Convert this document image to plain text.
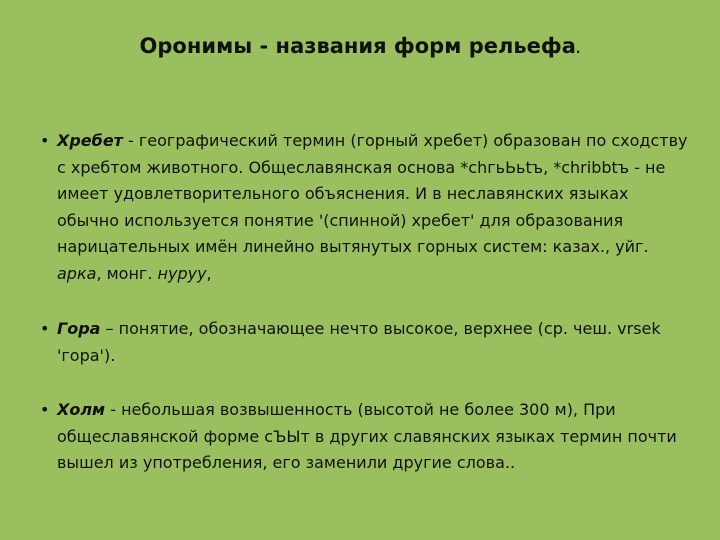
Оронимы - названия форм рельефа.
• Хребет - географический термин (горный хребет) образован по сходству с хребтом животного. Общеславянская основа *chгьЬьtъ, *chribbtъ - не имеет удовлетворительного объяснения. И в неславянских языках обычно используется понятие '(спинной) хребет' для образования нарицательных имён линейно вытянутых горных систем: казах., уйг. арка, монг. нуруу,
• Гора – понятие, обозначающее нечто высокое, верхнее (ср. чеш. vrsek 'гора').
• Холм - небольшая возвышенность (высотой не более 300 м), При общеславянской форме сЪЫт в других славянских языках термин почти вышел из употребления, его заменили другие слова..
